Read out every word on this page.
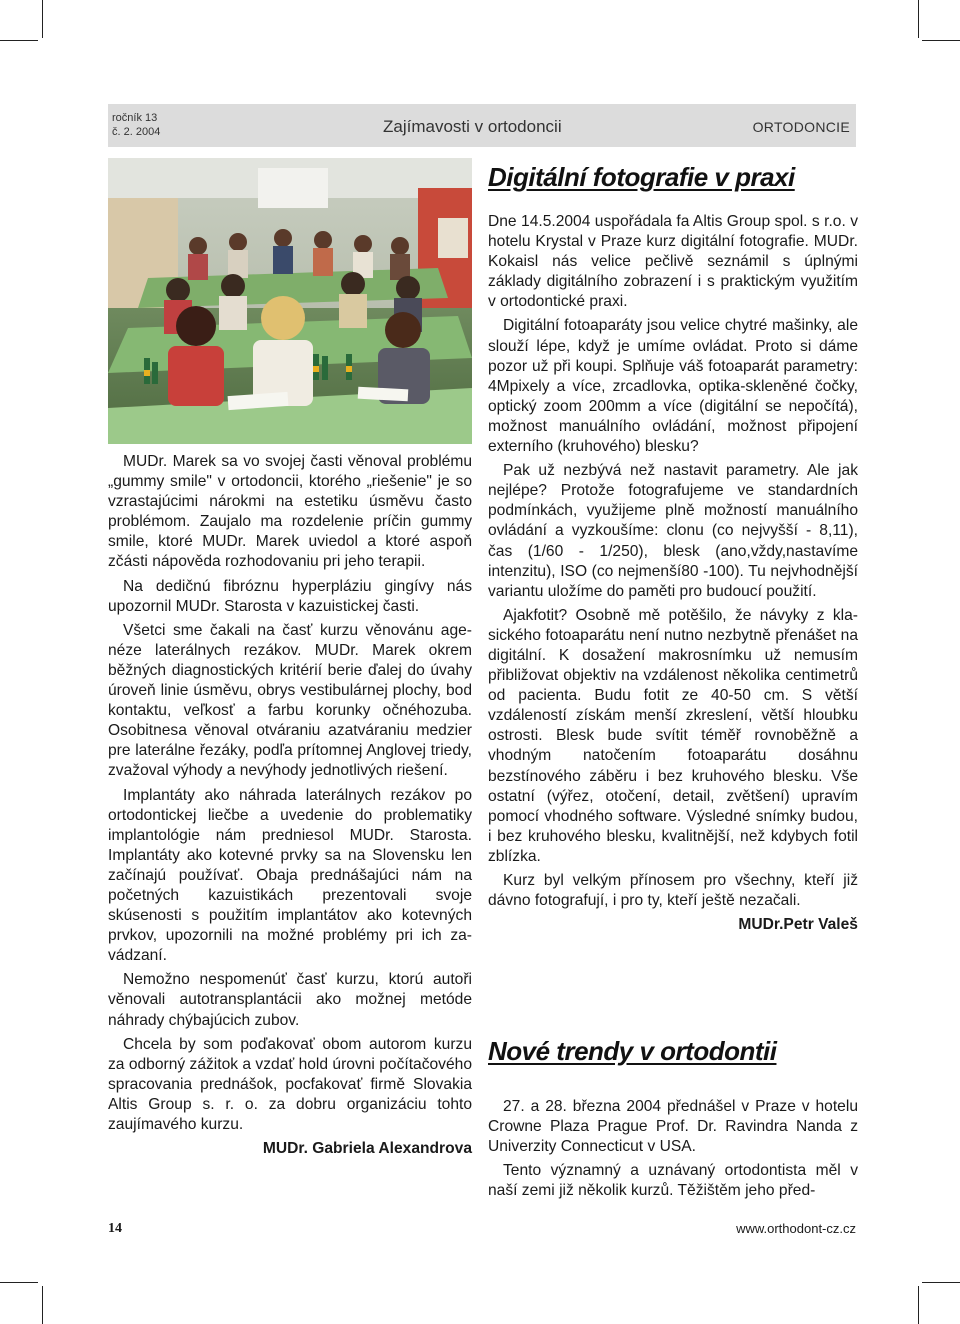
ročník 13
č. 2. 2004	Zajímavosti v ortodoncii	ORTODONCIE
Digitální fotografie v praxi

Dne 14.5.2004 uspořádala fa Altis Group spol. s r.o. v hotelu Krystal v Praze kurz digitální fotografie. MUDr. Kokaisl nás velice pečlivě seznámil s úplnými základy digitálního zobrazení i s praktickým využitím v ortodontické praxi.

Digitální fotoaparáty jsou velice chytré mašinky, ale slouží lépe, když je umíme ovládat. Proto si dáme pozor už při koupi. Splňuje váš fotoaparát parametry: 4Mpixely a více, zrcadlovka, optika-skleněné čočky, optický zoom 200mm a více (digitální se nepočítá), možnost manuálního ovládání, možnost připojení externího (kruhového) blesku?

Pak už nezbývá než nastavit parametry. Ale jak nejlépe? Protože fotografujeme ve standardních podmínkách, využijeme plně možností manuálního ovládání a vyzkoušíme: clonu (co nejvyšší - 8,11), čas (1/60 - 1/250), blesk (ano,vždy,nastavíme intenzitu), ISO (co nejmenší80 -100). Tu nejvhodnější variantu uložíme do paměti pro budoucí použití.

Ajakfotit? Osobně mě potěšilo, že návyky z klasického fotoaparátu není nutno nezbytně přenášet na digitální. K dosažení makrosnímku už nemusím přibližovat objektiv na vzdálenost několika centimetrů od pacienta. Budu fotit ze 40-50 cm. S větší vzdáleností získám menší zkreslení, větší hloubku ostrosti. Blesk bude svítit téměř rovnoběžně a vhodným natočením fotoaparátu dosáhnu bezstínového záběru i bez kruhového blesku. Vše ostatní (výřez, otočení, detail, zvětšení) upravím pomocí vhodného software. Výsledné snímky budou, i bez kruhového blesku, kvalitnější, než kdybych fotil zblízka.

Kurz byl velkým přínosem pro všechny, kteří již dávno fotografují, i pro ty, kteří ještě nezačali.

MUDr.Petr Valeš

MUDr. Marek sa vo svojej časti věnoval problému „gummy smile" v ortodoncii, ktorého „riešenie" je so vzrastajúcimi nárokmi na estetiku úsměvu často problémom. Zaujalo ma rozdelenie príčin gummy smile, ktoré MUDr. Marek uviedol a ktoré aspoň zčásti nápověda rozhodovaniu pri jeho terapii.

Na dedičnú fibróznu hyperpláziu gingívy nás upozornil MUDr. Starosta v kazuistickej časti.

Všetci sme čakali na časť kurzu věnovánu agenéze laterálnych rezákov. MUDr. Marek okrem běžných diagnostických kritérií berie ďalej do úvahy úroveň linie úsměvu, obrys vestibulárnej plochy, bod kontaktu, veľkosť a farbu korunky očnéhozuba. Osobitnesa věnoval otváraniu azatváraniu medzier pre laterálne řezáky, podľa prítomnej Anglovej triedy, zvažoval výhody a nevýhody jednotlivých riešení.

Implantáty ako náhrada laterálnych rezákov po ortodontickej liečbe a uvedenie do problematiky implantológie nám predniesol MUDr. Starosta. Implantáty ako kotevné prvky sa na Slovensku len začínajú používať. Obaja prednášajúci nám na početných kazuistikách prezentovali svoje skúsenosti s použitím implantátov ako kotevných prvkov, upozornili na možné problémy pri ich zavádzaní.

Nemožno nespomenúť časť kurzu, ktorú autoři věnovali autotransplantácii ako možnej metóde náhrady chýbajúcich zubov.

Chcela by som poďakovať obom autorom kurzu za odborný zážitok a vzdať hold úrovni počítačového spracovania prednášok, pocfakovať firmě Slovakia Altis Group s. r. o. za dobru organizáciu tohto zaujímavého kurzu.

MUDr. Gabriela Alexandrova
Nové trendy v ortodontii

27. a 28. března 2004 přednášel v Praze v hotelu Crowne Plaza Prague Prof. Dr. Ravindra Nanda z Univerzity Connecticut v USA.

Tento významný a uznávaný ortodontista měl v naší zemi již několik kurzů. Těžištěm jeho před-

14	www.orthodont-cz.cz
